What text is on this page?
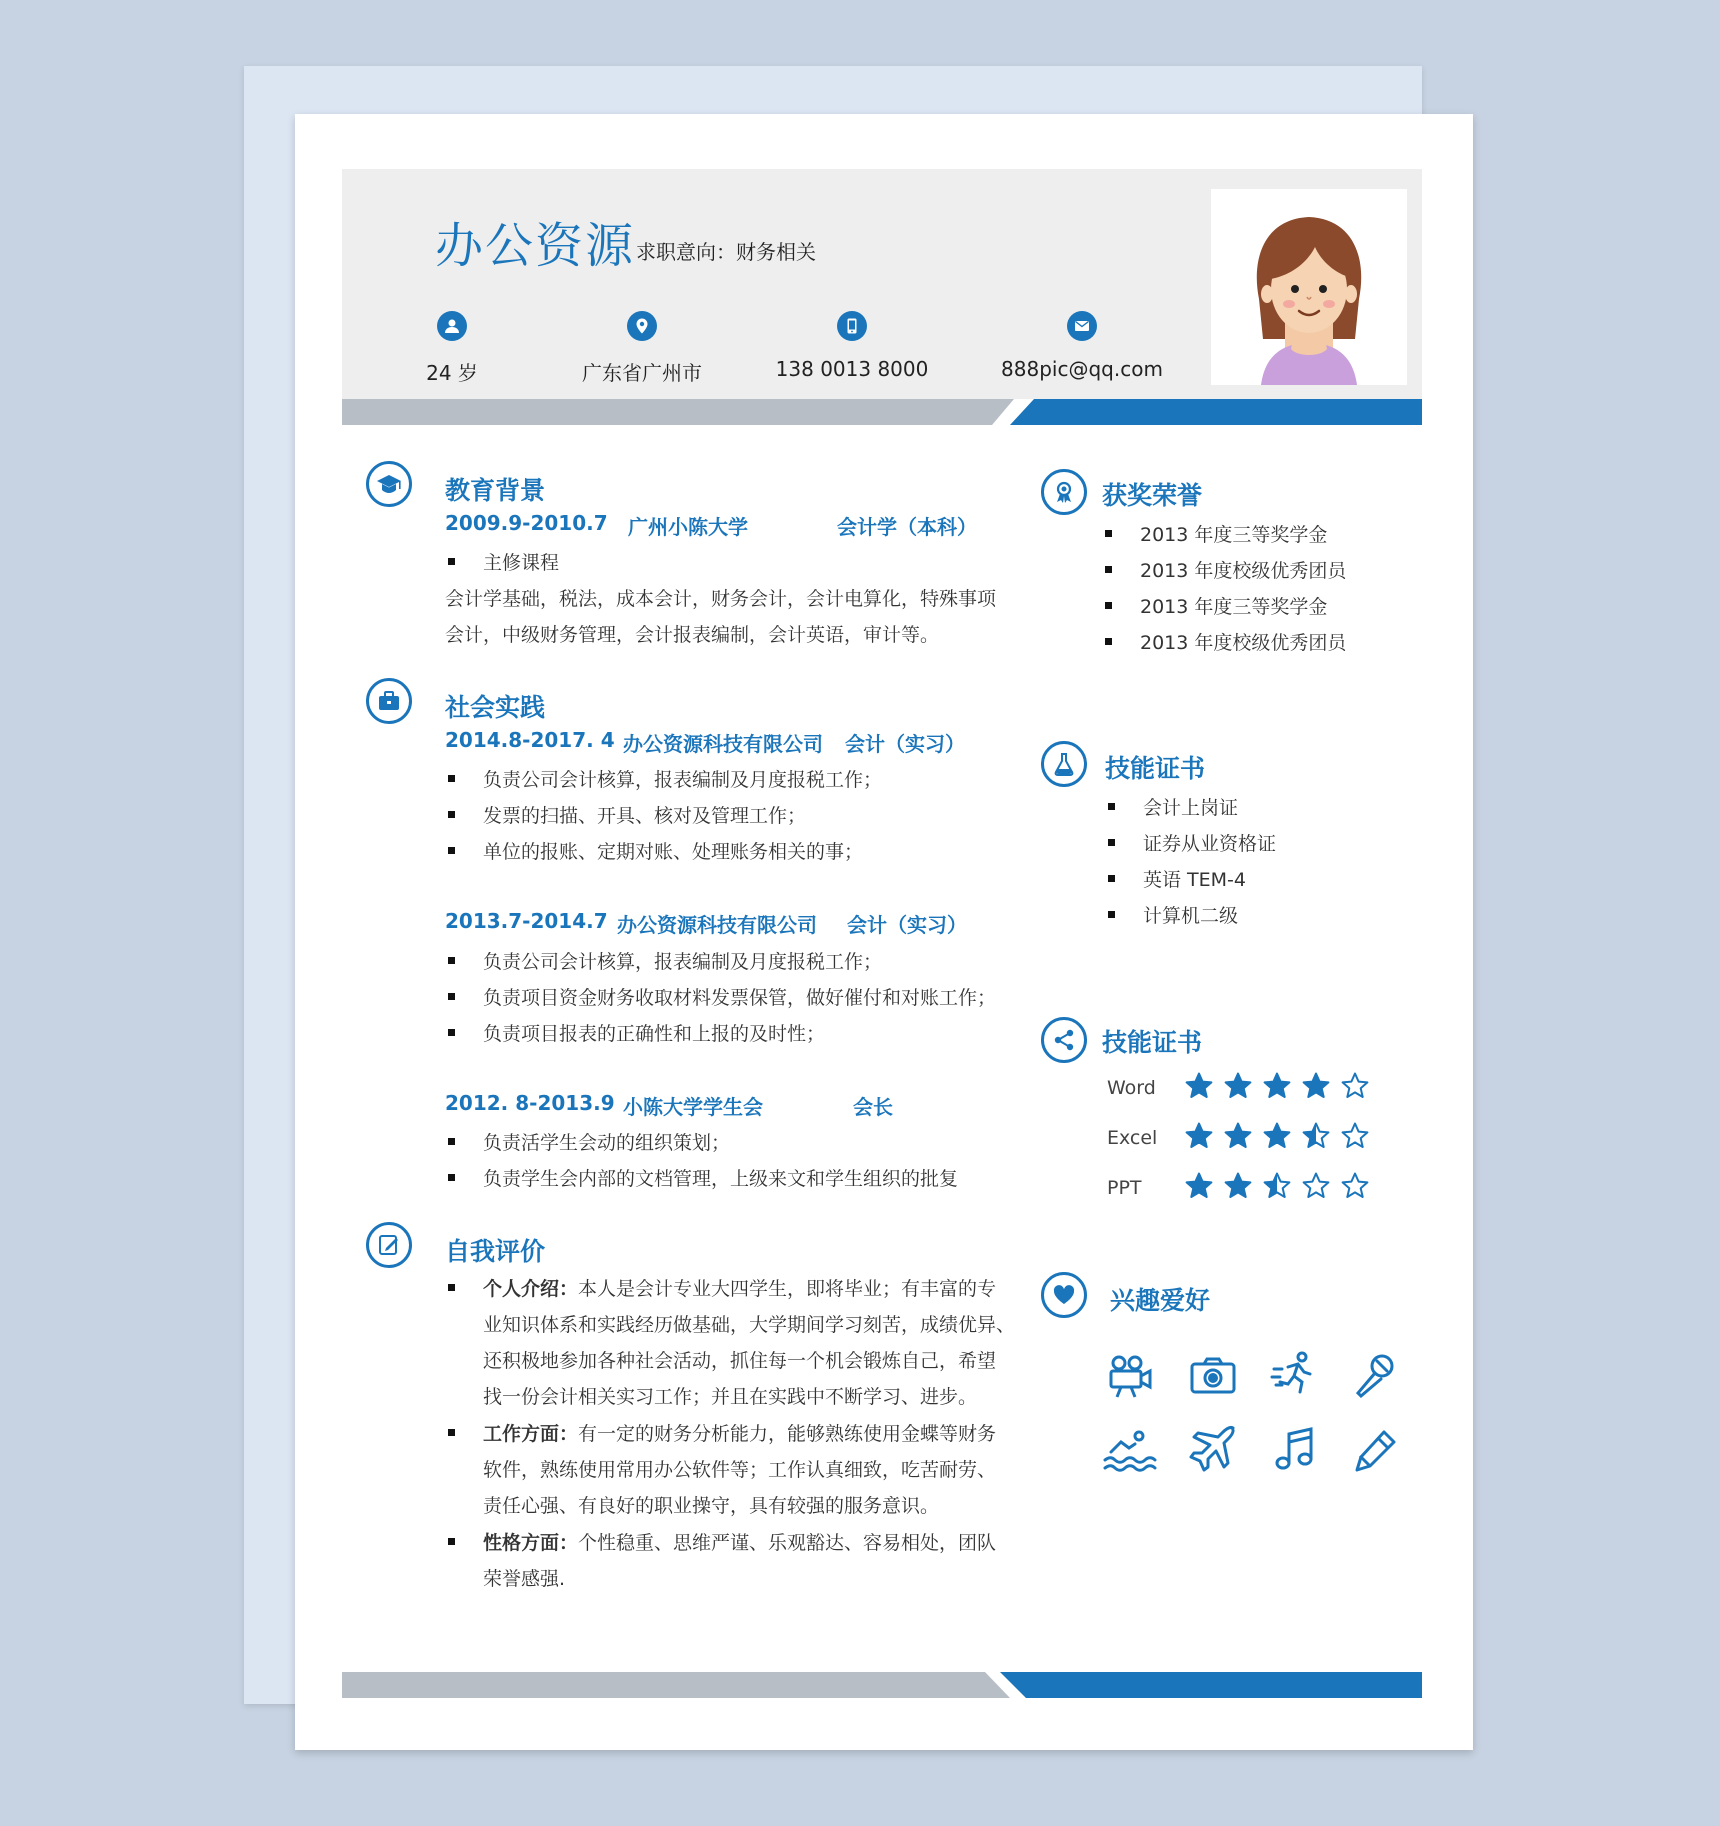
办公资源 求职意向：财务相关
24 岁	广东省广州市	138 0013 8000	888pic@qq.com
教育背景
2009.9-2010.7 广州小陈大学	会计学（本科）
主修课程
会计学基础，税法，成本会计，财务会计，会计电算化，特殊事项
会计，中级财务管理，会计报表编制，会计英语，审计等。
社会实践
2014.8-2017. 4 办公资源科技有限公司 会计（实习）
负责公司会计核算，报表编制及月度报税工作；
发票的扫描、开具、核对及管理工作；
单位的报账、定期对账、处理账务相关的事；
2013.7-2014.7 办公资源科技有限公司 会计（实习）
负责公司会计核算，报表编制及月度报税工作；
负责项目资金财务收取材料发票保管，做好催付和对账工作；
负责项目报表的正确性和上报的及时性；
2012. 8-2013.9 小陈大学学生会	会长
负责活学生会动的组织策划；
负责学生会内部的文档管理，上级来文和学生组织的批复
自我评价
个人介绍：本人是会计专业大四学生，即将毕业；有丰富的专
业知识体系和实践经历做基础，大学期间学习刻苦，成绩优异、
还积极地参加各种社会活动，抓住每一个机会锻炼自己，希望
找一份会计相关实习工作；并且在实践中不断学习、进步。
工作方面：有一定的财务分析能力，能够熟练使用金蝶等财务
软件，熟练使用常用办公软件等；工作认真细致，吃苦耐劳、
责任心强、有良好的职业操守，具有较强的服务意识。
性格方面：个性稳重、思维严谨、乐观豁达、容易相处，团队
荣誉感强.
获奖荣誉
2013 年度三等奖学金
2013 年度校级优秀团员
2013 年度三等奖学金
2013 年度校级优秀团员
技能证书
会计上岗证
证券从业资格证
英语 TEM-4
计算机二级
技能证书
Word
Excel
PPT
兴趣爱好
